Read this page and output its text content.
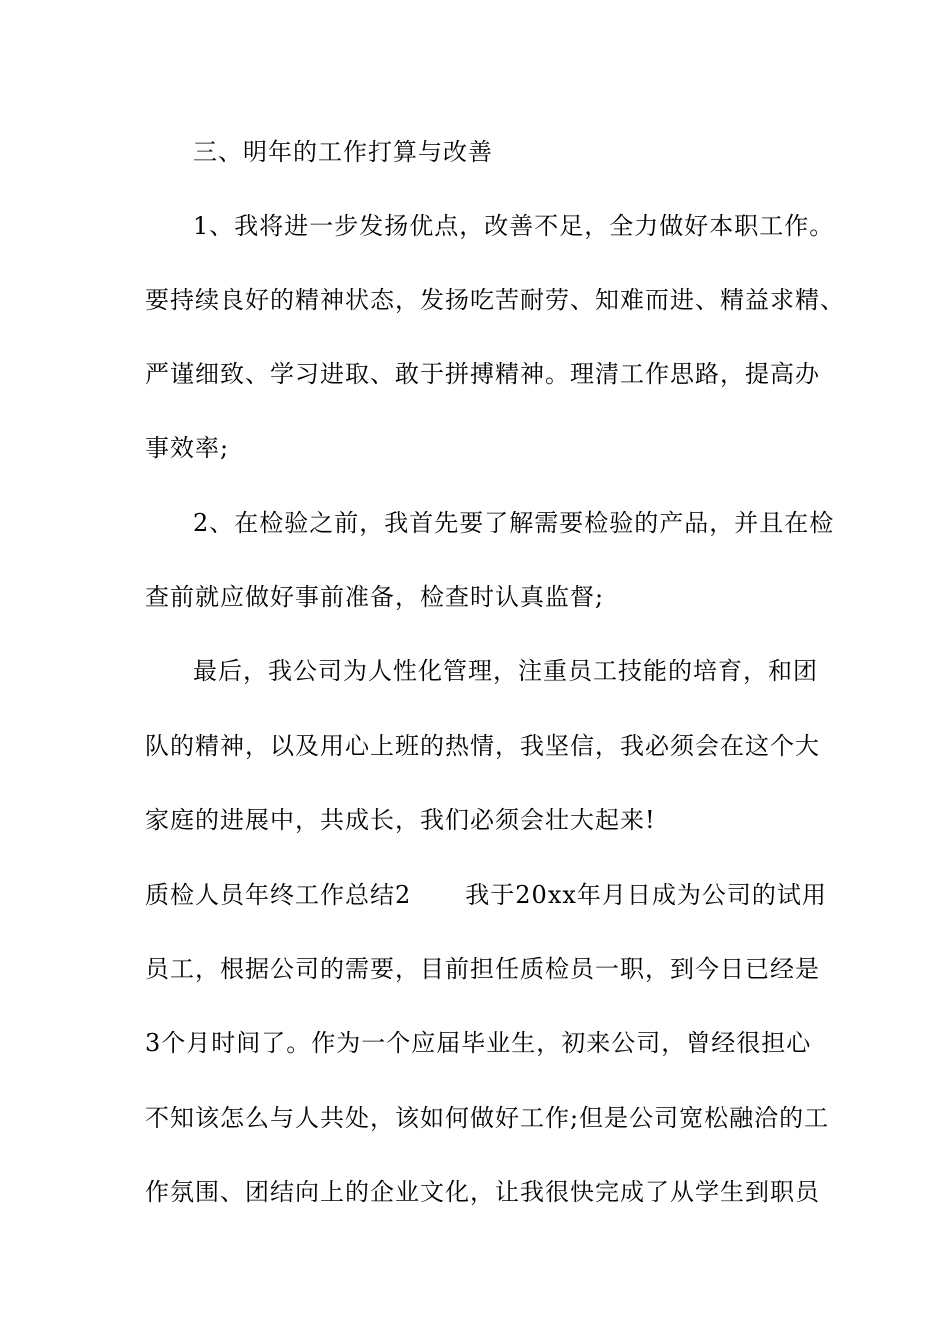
三、明年的工作打算与改善
1、我将进一步发扬优点，改善不足，全力做好本职工作。
要持续良好的精神状态，发扬吃苦耐劳、知难而进、精益求精、
严谨细致、学习进取、敢于拼搏精神。理清工作思路，提高办
事效率;
2、在检验之前，我首先要了解需要检验的产品，并且在检
查前就应做好事前准备，检查时认真监督;
最后，我公司为人性化管理，注重员工技能的培育，和团
队的精神，以及用心上班的热情，我坚信，我必须会在这个大
家庭的进展中，共成长，我们必须会壮大起来!
质检人员年终工作总结2 我于20xx年月日成为公司的试用
员工，根据公司的需要，目前担任质检员一职，到今日已经是
3个月时间了。作为一个应届毕业生，初来公司，曾经很担心
不知该怎么与人共处，该如何做好工作;但是公司宽松融洽的工
作氛围、团结向上的企业文化，让我很快完成了从学生到职员
